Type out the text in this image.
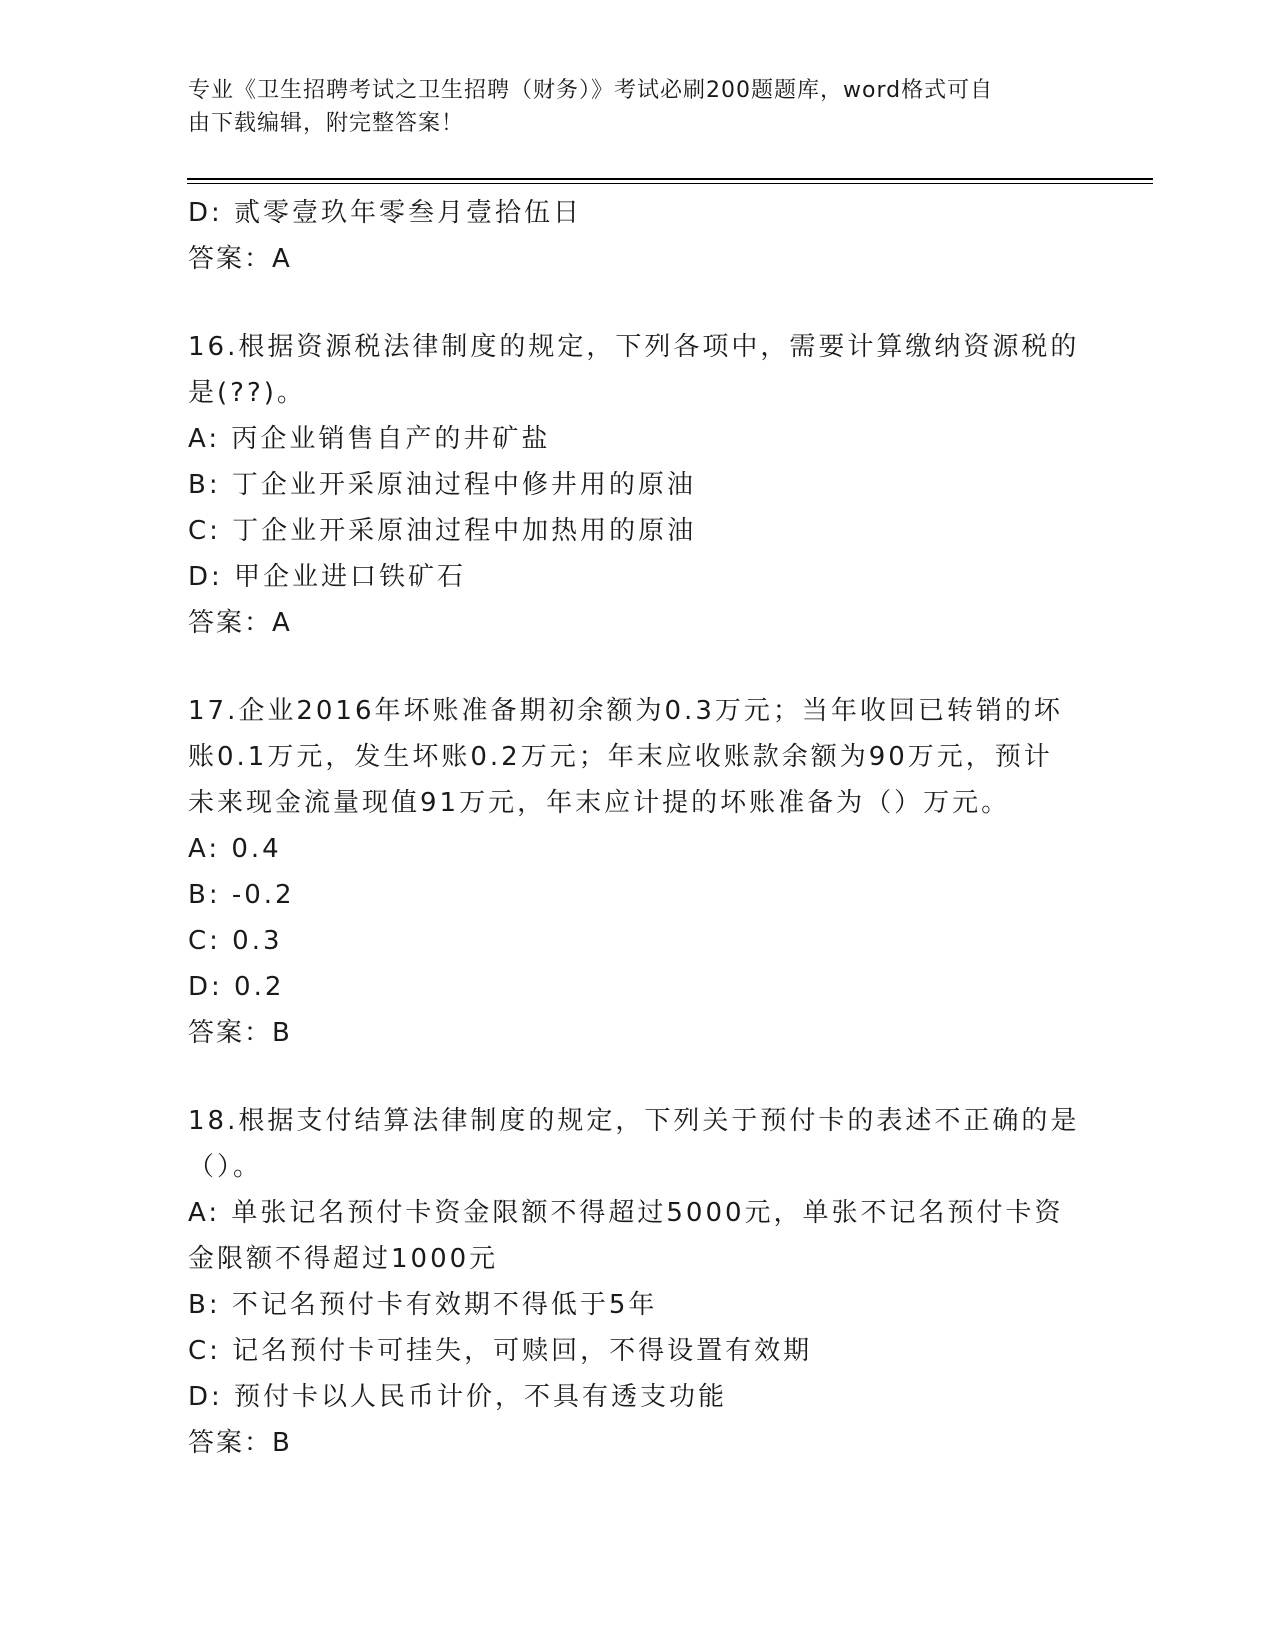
专业《卫生招聘考试之卫生招聘（财务）》考试必刷200题题库，word格式可自
由下载编辑，附完整答案！
D: 贰零壹玖年零叁月壹拾伍日
答案：A
16.根据资源税法律制度的规定，下列各项中，需要计算缴纳资源税的
是(??)。
A: 丙企业销售自产的井矿盐
B: 丁企业开采原油过程中修井用的原油
C: 丁企业开采原油过程中加热用的原油
D: 甲企业进口铁矿石
答案：A
17.企业2016年坏账准备期初余额为0.3万元；当年收回已转销的坏
账0.1万元，发生坏账0.2万元；年末应收账款余额为90万元，预计
未来现金流量现值91万元，年末应计提的坏账准备为（）万元。
A: 0.4
B: -0.2
C: 0.3
D: 0.2
答案：B
18.根据支付结算法律制度的规定，下列关于预付卡的表述不正确的是
（）。
A: 单张记名预付卡资金限额不得超过5000元，单张不记名预付卡资
金限额不得超过1000元
B: 不记名预付卡有效期不得低于5年
C: 记名预付卡可挂失，可赎回，不得设置有效期
D: 预付卡以人民币计价，不具有透支功能
答案：B
